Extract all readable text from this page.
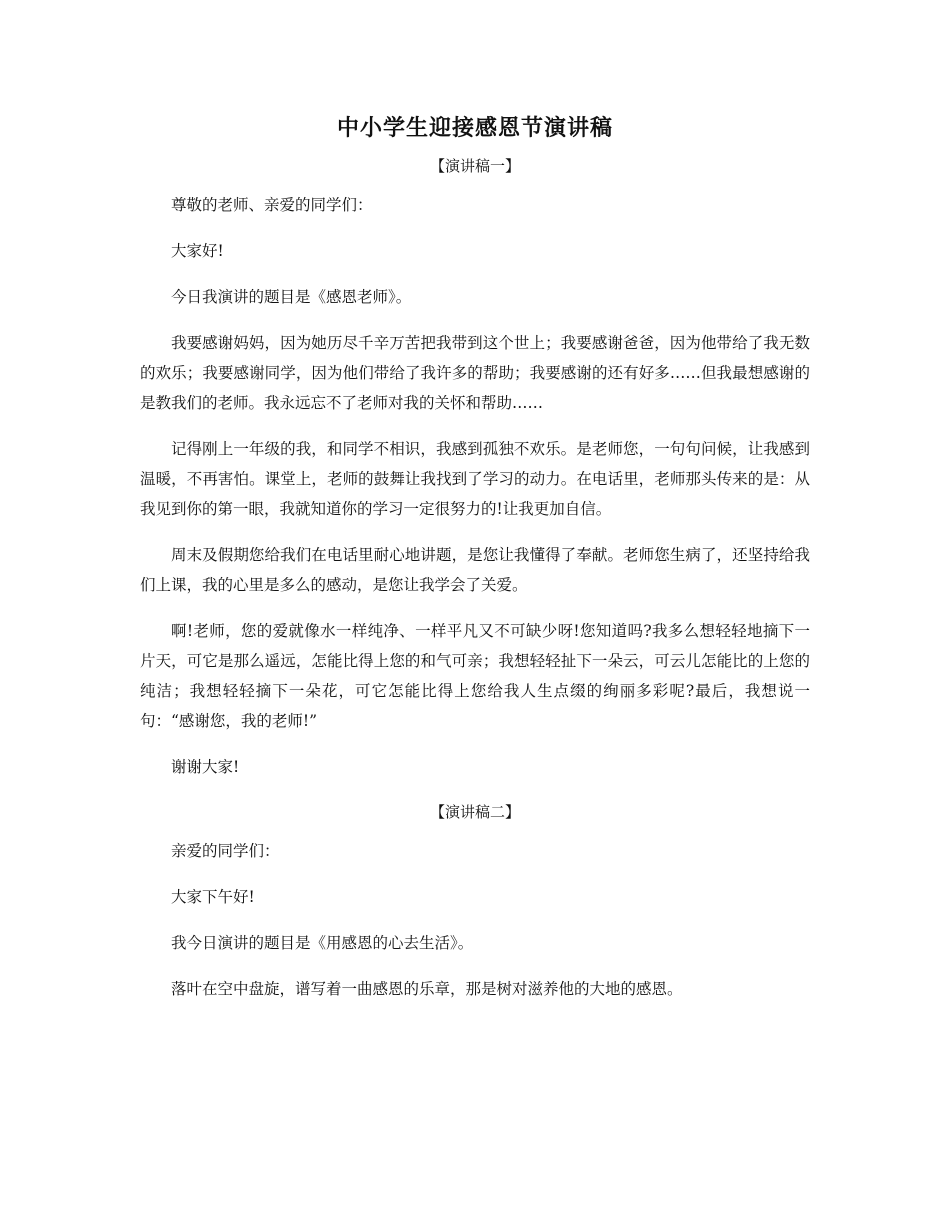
中小学生迎接感恩节演讲稿
【演讲稿一】

尊敬的老师、亲爱的同学们：

大家好!

今日我演讲的题目是《感恩老师》。

我要感谢妈妈，因为她历尽千辛万苦把我带到这个世上；我要感谢爸爸，因为他带给了我无数的欢乐；我要感谢同学，因为他们带给了我许多的帮助；我要感谢的还有好多……但我最想感谢的是教我们的老师。我永远忘不了老师对我的关怀和帮助……

记得刚上一年级的我，和同学不相识，我感到孤独不欢乐。是老师您，一句句问候，让我感到温暖，不再害怕。课堂上，老师的鼓舞让我找到了学习的动力。在电话里，老师那头传来的是：从我见到你的第一眼，我就知道你的学习一定很努力的!让我更加自信。

周末及假期您给我们在电话里耐心地讲题，是您让我懂得了奉献。老师您生病了，还坚持给我们上课，我的心里是多么的感动，是您让我学会了关爱。

啊!老师，您的爱就像水一样纯净、一样平凡又不可缺少呀!您知道吗?我多么想轻轻地摘下一片天，可它是那么遥远，怎能比得上您的和气可亲；我想轻轻扯下一朵云，可云儿怎能比的上您的纯洁；我想轻轻摘下一朵花，可它怎能比得上您给我人生点缀的绚丽多彩呢?最后，我想说一句：“感谢您，我的老师!”

谢谢大家!

【演讲稿二】

亲爱的同学们：

大家下午好!

我今日演讲的题目是《用感恩的心去生活》。

落叶在空中盘旋，谱写着一曲感恩的乐章，那是树对滋养他的大地的感恩。
